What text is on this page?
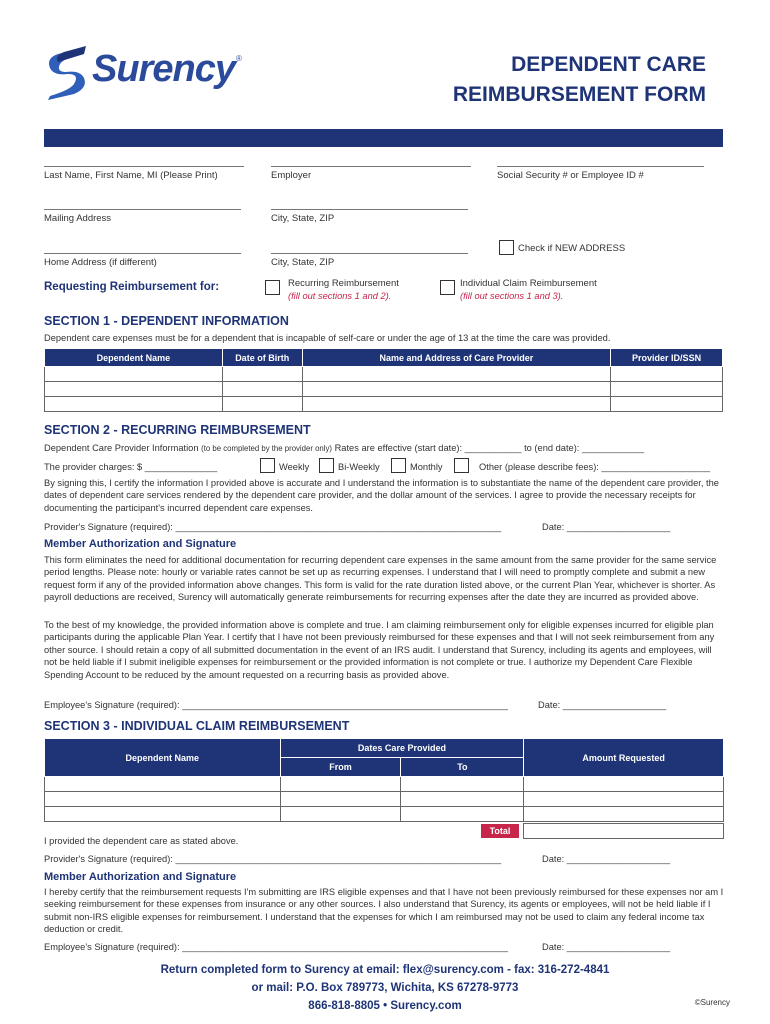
Surency ®	DEPENDENT CARE
REIMBURSEMENT FORM
Last Name, First Name, MI (Please Print)	Employer	Social Security # or Employee ID #
Mailing Address	City, State, ZIP
Home Address (if different)	City, State, ZIP
Check if NEW ADDRESS
Requesting Reimbursement for:	Recurring Reimbursement
(fill out sections 1 and 2).
Individual Claim Reimbursement
(fill out sections 1 and 3).
SECTION 1 - DEPENDENT INFORMATION
Dependent care expenses must be for a dependent that is incapable of self-care or under the age of 13 at the time the care was provided.
Dependent Name	Date of Birth	Name and Address of Care Provider	Provider ID/SSN

SECTION 2 - RECURRING REIMBURSEMENT
Dependent Care Provider Information (to be completed by the provider only) Rates are effective (start date): ___________ to (end date): ____________
The provider charges: $ ______________	Weekly	Bi-Weekly	Monthly	Other (please describe fees): _____________________
By signing this, I certify the information I provided above is accurate and I understand the information is to substantiate the name of the dependent care provider, the dates of dependent care services rendered by the dependent care provider, and the dollar amount of the services. I agree to provide the necessary receipts for documenting the participant's incurred dependent care expenses.
Provider's Signature (required): _______________________________________________________________	Date: ____________________
Member Authorization and Signature
This form eliminates the need for additional documentation for recurring dependent care expenses in the same amount from the same provider for the same service period lengths. Please note: hourly or variable rates cannot be set up as recurring expenses. I understand that I will need to promptly complete and submit a new request form if any of the provided information above changes. This form is valid for the rate duration listed above, or the current Plan Year, whichever is shorter. As payroll deductions are received, Surency will automatically generate reimbursements for recurring expenses after the date they are incurred as provided above.
To the best of my knowledge, the provided information above is complete and true. I am claiming reimbursement only for eligible expenses incurred for eligible plan participants during the applicable Plan Year. I certify that I have not been previously reimbursed for these expenses and that I will not seek reimbursement from any other source. I should retain a copy of all submitted documentation in the event of an IRS audit. I understand that Surency, including its agents and employees, will not be held liable if I submit ineligible expenses for reimbursement or the provided information is not complete or true. I authorize my Dependent Care Flexible Spending Account to be reduced by the amount requested on a recurring basis as provided above.
Employee's Signature (required): _______________________________________________________________	Date: ____________________
SECTION 3 - INDIVIDUAL CLAIM REIMBURSEMENT
Dependent Name	Dates Care Provided		Amount Requested
	From	To	

Total
I provided the dependent care as stated above.
Provider's Signature (required): _______________________________________________________________	Date: ____________________
Member Authorization and Signature
I hereby certify that the reimbursement requests I'm submitting are IRS eligible expenses and that I have not been previously reimbursed for these expenses nor am I seeking reimbursement for these expenses from insurance or any other sources. I also understand that Surency, its agents or employees, will not be held liable if I submit non-IRS eligible expenses for reimbursement. I understand that the expenses for which I am reimbursed may not be used to claim any federal income tax deduction or credit.
Employee's Signature (required): _______________________________________________________________	Date: ____________________
Return completed form to Surency at email: flex@surency.com - fax: 316-272-4841
or mail: P.O. Box 789773, Wichita, KS 67278-9773
866-818-8805 • Surency.com	©Surency
